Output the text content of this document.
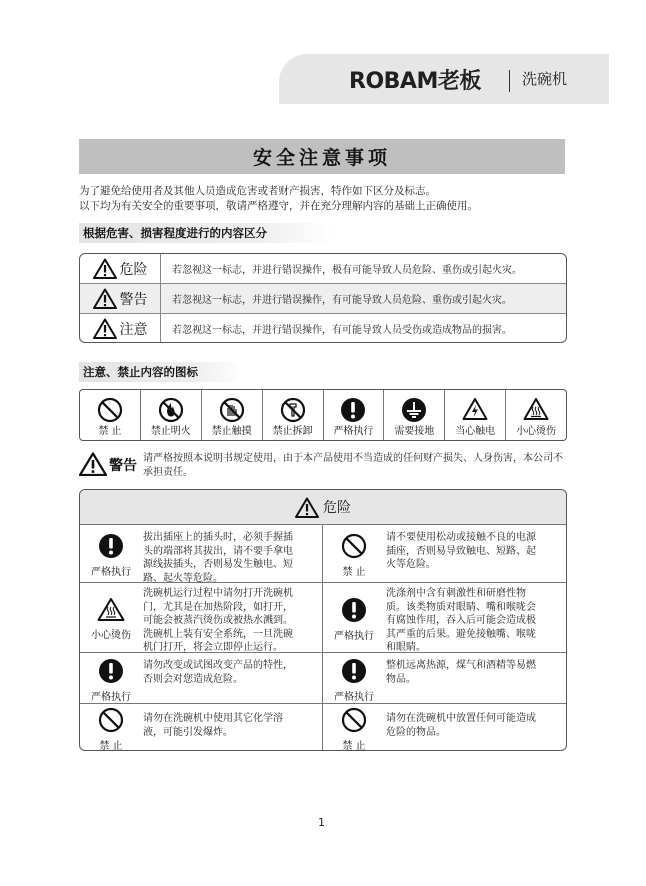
ROBAM老板	洗碗机
安全注意事项
为了避免给使用者及其他人员造成危害或者财产损害，特作如下区分及标志。
以下均为有关安全的重要事项，敬请严格遵守，并在充分理解内容的基础上正确使用。
根据危害、损害程度进行的内容区分
危险	若忽视这一标志，并进行错误操作，极有可能导致人员危险、重伤或引起火灾。
警告	若忽视这一标志，并进行错误操作，有可能导致人员危险、重伤或引起火灾。
注意	若忽视这一标志，并进行错误操作，有可能导致人员受伤或造成物品的损害。
注意、禁止内容的图标
禁 止	禁止明火 禁止触摸 禁止拆卸 严格执行 需要接地 当心触电 小心烫伤
警告 请严格按照本说明书规定使用，由于本产品使用不当造成的任何财产损失、人身伤害，本公司不承担责任。
危险
严格执行
拔出插座上的插头时，必须手握插
头的端部将其拔出，请不要手拿电
源线拔插头，否则易发生触电、短
路、起火等危险。
禁 止
请不要使用松动或接触不良的电源
插座，否则易导致触电、短路、起
火等危险。
小心烫伤
洗碗机运行过程中请勿打开洗碗机
门，尤其是在加热阶段，如打开，
可能会被蒸汽烫伤或被热水溅到。
洗碗机上装有安全系统，一旦洗碗
机门打开，将会立即停止运行。
严格执行
洗涤剂中含有刺激性和研磨性物
质。该类物质对眼睛、嘴和喉咙会
有腐蚀作用，吞入后可能会造成极
其严重的后果。避免接触嘴、喉咙
和眼睛。
严格执行
请勿改变或试图改变产品的特性，
否则会对您造成危险。
严格执行
整机远离热源，煤气和酒精等易燃
物品。
禁 止
请勿在洗碗机中使用其它化学溶
液，可能引发爆炸。
禁 止
请勿在洗碗机中放置任何可能造成
危险的物品。
1
